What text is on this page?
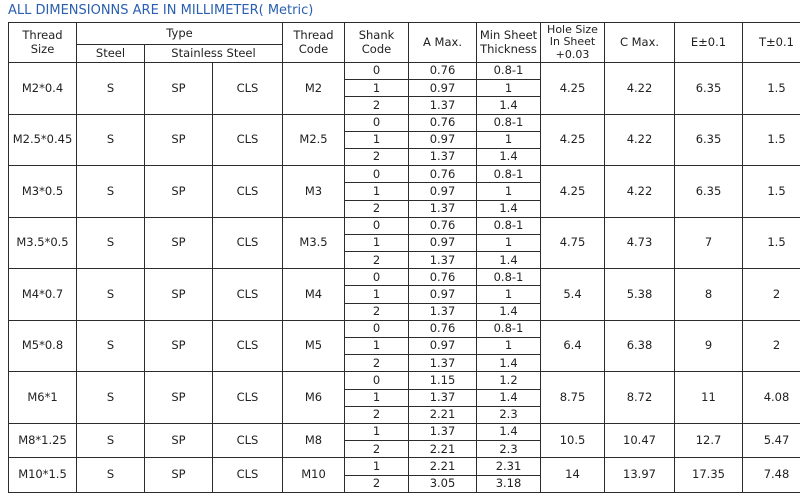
ALL DIMENSIONNS ARE IN MILLIMETER( Metric)
Thread Size	Type			Thread Code	Shank Code	A Max.	Min Sheet Thickness	Hole Size In Sheet +0.03	C Max.	E±0.1	T±0.1
	Steel	Stainless Steel									
M2*0.4	S	SP	CLS	M2	0	0.76	0.8-1	4.25	4.22	6.35	1.5
					1	0.97	1				
					2	1.37	1.4				
M2.5*0.45	S	SP	CLS	M2.5	0	0.76	0.8-1	4.25	4.22	6.35	1.5
					1	0.97	1				
					2	1.37	1.4				
M3*0.5	S	SP	CLS	M3	0	0.76	0.8-1	4.25	4.22	6.35	1.5
					1	0.97	1				
					2	1.37	1.4				
M3.5*0.5	S	SP	CLS	M3.5	0	0.76	0.8-1	4.75	4.73	7	1.5
					1	0.97	1				
					2	1.37	1.4				
M4*0.7	S	SP	CLS	M4	0	0.76	0.8-1	5.4	5.38	8	2
					1	0.97	1				
					2	1.37	1.4				
M5*0.8	S	SP	CLS	M5	0	0.76	0.8-1	6.4	6.38	9	2
					1	0.97	1				
					2	1.37	1.4				
M6*1	S	SP	CLS	M6	0	1.15	1.2	8.75	8.72	11	4.08
					1	1.37	1.4				
					2	2.21	2.3				
M8*1.25	S	SP	CLS	M8	1	1.37	1.4	10.5	10.47	12.7	5.47
					2	2.21	2.3				
M10*1.5	S	SP	CLS	M10	1	2.21	2.31	14	13.97	17.35	7.48
					2	3.05	3.18				
